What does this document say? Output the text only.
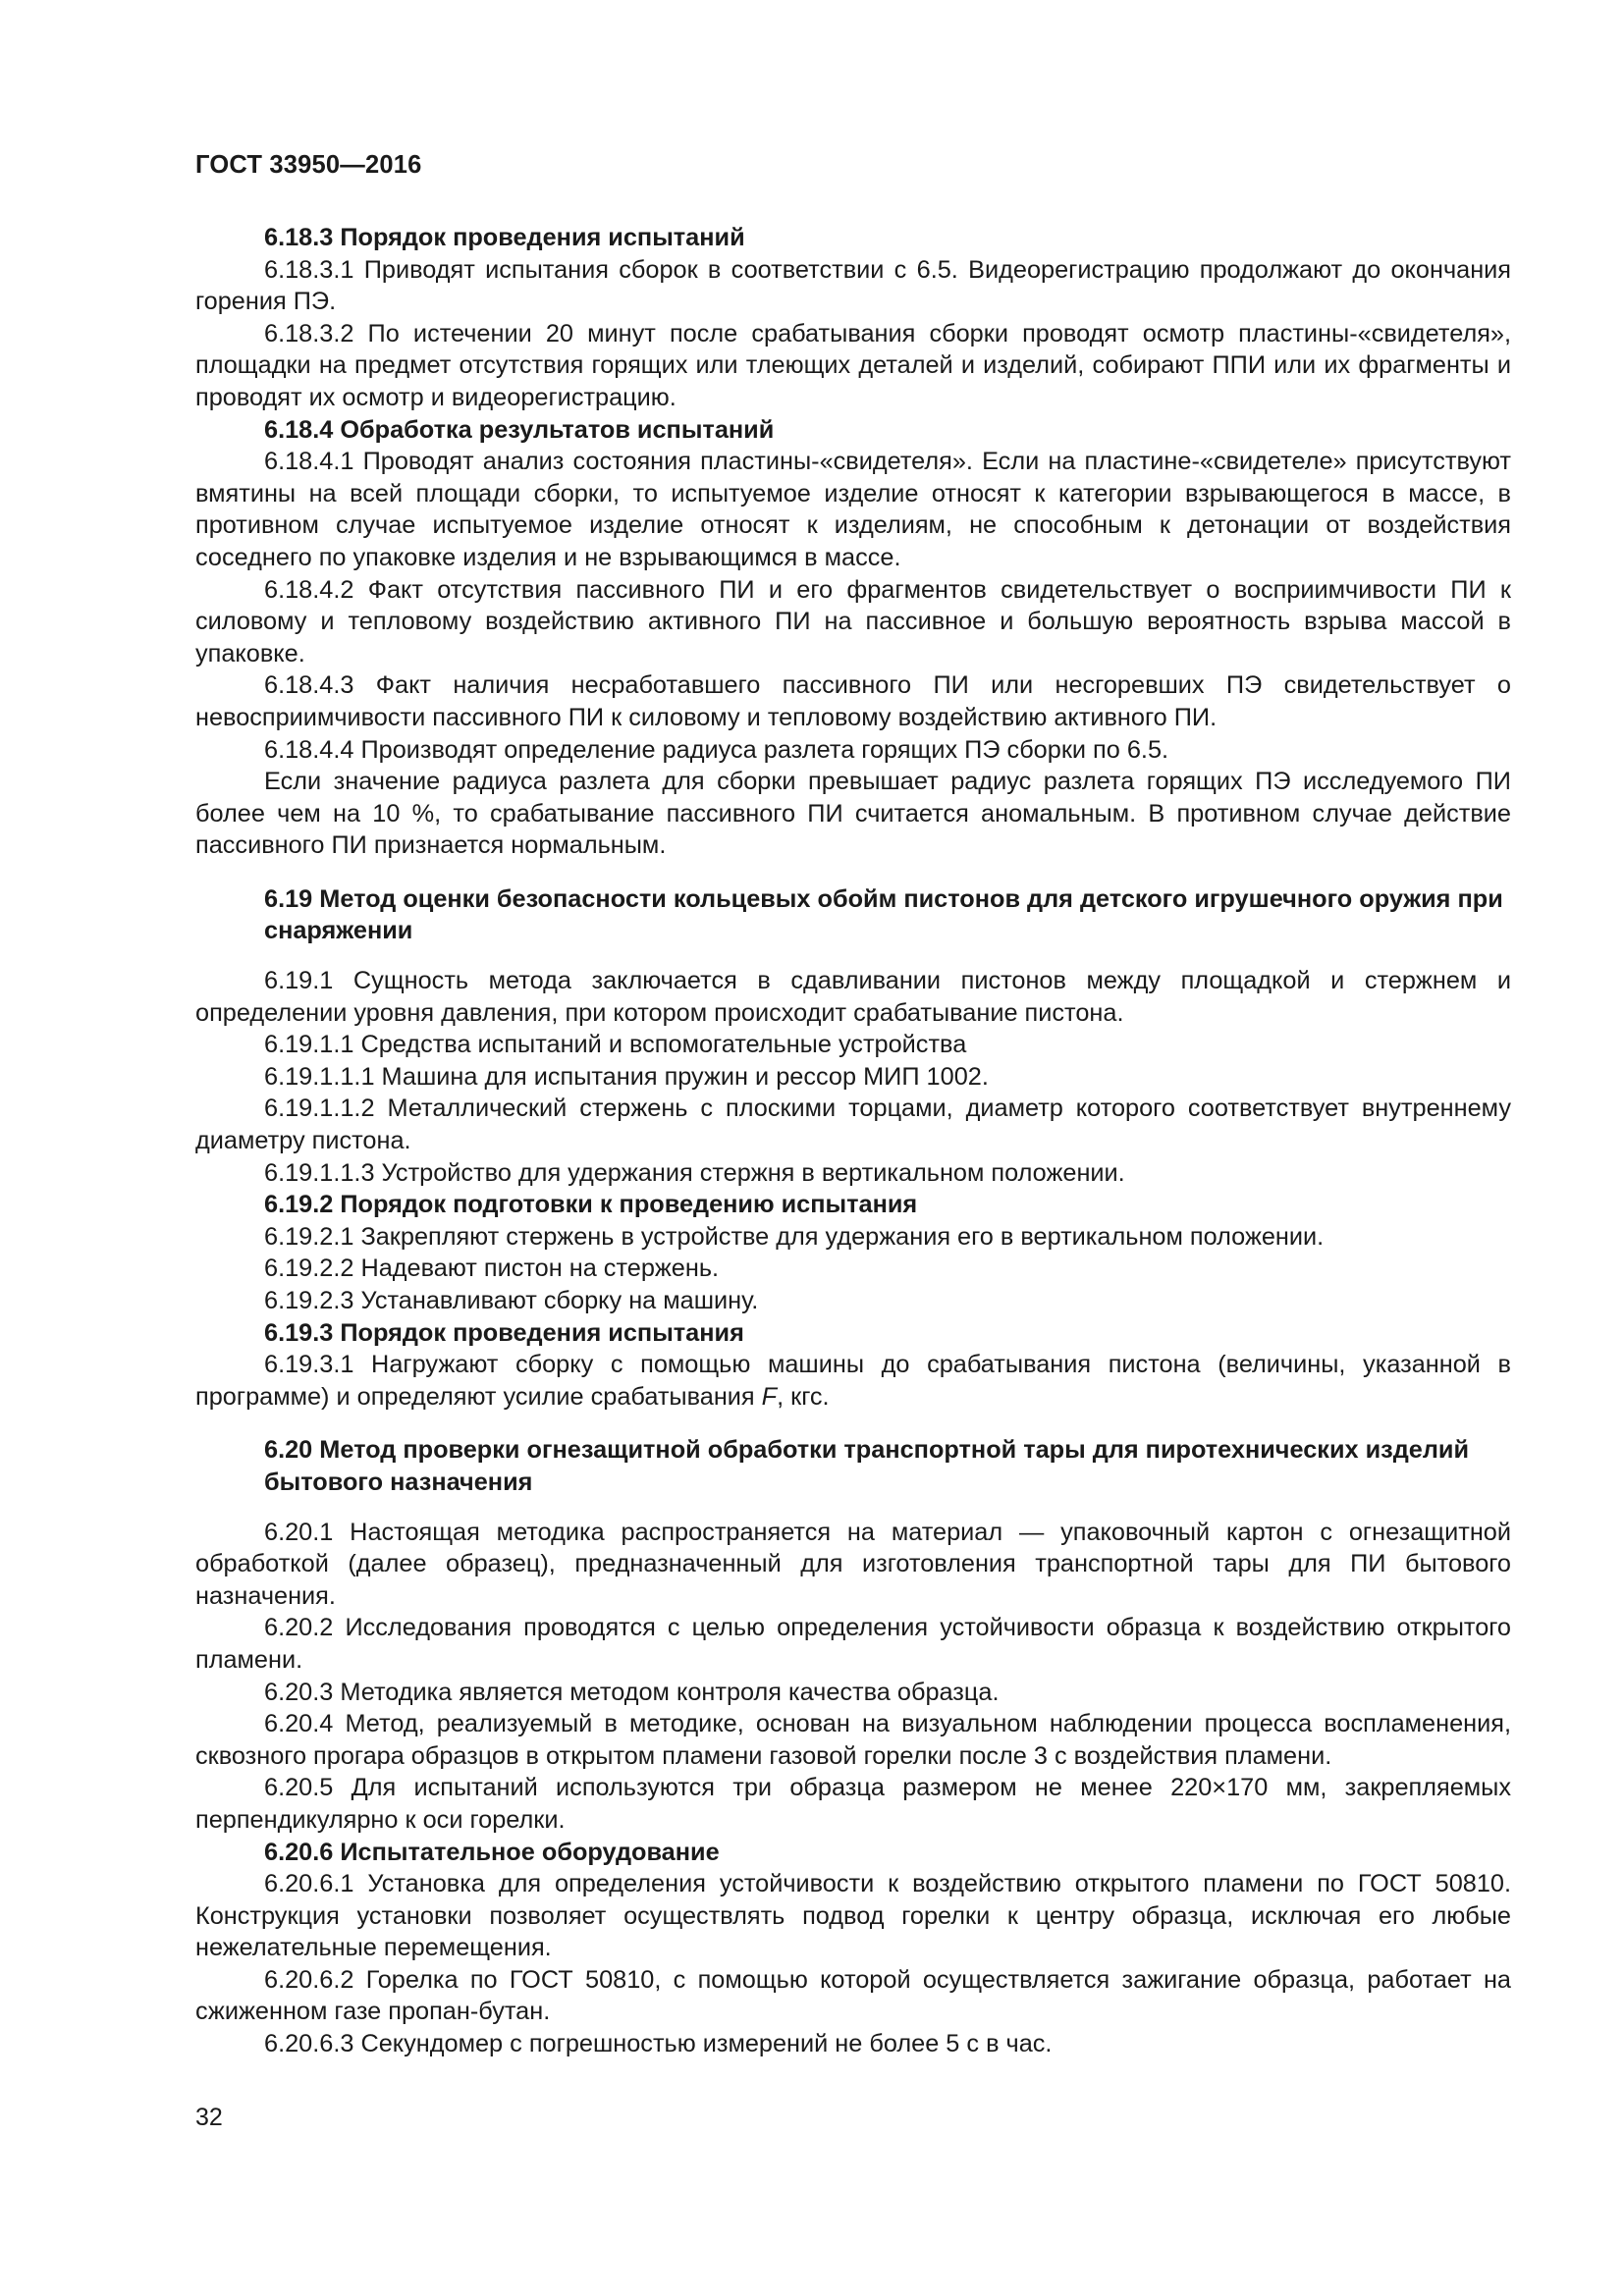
ГОСТ 33950—2016

6.18.3 Порядок проведения испытаний

6.18.3.1 Приводят испытания сборок в соответствии с 6.5. Видеорегистрацию продолжают до окончания горения ПЭ.

6.18.3.2 По истечении 20 минут после срабатывания сборки проводят осмотр пластины-«свидетеля», площадки на предмет отсутствия горящих или тлеющих деталей и изделий, собирают ППИ или их фрагменты и проводят их осмотр и видеорегистрацию.

6.18.4 Обработка результатов испытаний

6.18.4.1 Проводят анализ состояния пластины-«свидетеля». Если на пластине-«свидетеле» присутствуют вмятины на всей площади сборки, то испытуемое изделие относят к категории взрывающегося в массе, в противном случае испытуемое изделие относят к изделиям, не способным к детонации от воздействия соседнего по упаковке изделия и не взрывающимся в массе.

6.18.4.2 Факт отсутствия пассивного ПИ и его фрагментов свидетельствует о восприимчивости ПИ к силовому и тепловому воздействию активного ПИ на пассивное и большую вероятность взрыва массой в упаковке.

6.18.4.3 Факт наличия несработавшего пассивного ПИ или несгоревших ПЭ свидетельствует о невосприимчивости пассивного ПИ к силовому и тепловому воздействию активного ПИ.

6.18.4.4 Производят определение радиуса разлета горящих ПЭ сборки по 6.5.

Если значение радиуса разлета для сборки превышает радиус разлета горящих ПЭ исследуемого ПИ более чем на 10 %, то срабатывание пассивного ПИ считается аномальным. В противном случае действие пассивного ПИ признается нормальным.

6.19 Метод оценки безопасности кольцевых обойм пистонов для детского игрушечного оружия при снаряжении

6.19.1 Сущность метода заключается в сдавливании пистонов между площадкой и стержнем и определении уровня давления, при котором происходит срабатывание пистона.

6.19.1.1 Средства испытаний и вспомогательные устройства

6.19.1.1.1 Машина для испытания пружин и рессор МИП 1002.

6.19.1.1.2 Металлический стержень с плоскими торцами, диаметр которого соответствует внутреннему диаметру пистона.

6.19.1.1.3 Устройство для удержания стержня в вертикальном положении.

6.19.2 Порядок подготовки к проведению испытания

6.19.2.1 Закрепляют стержень в устройстве для удержания его в вертикальном положении.

6.19.2.2 Надевают пистон на стержень.

6.19.2.3 Устанавливают сборку на машину.

6.19.3 Порядок проведения испытания

6.19.3.1 Нагружают сборку с помощью машины до срабатывания пистона (величины, указанной в программе) и определяют усилие срабатывания F, кгс.

6.20 Метод проверки огнезащитной обработки транспортной тары для пиротехнических изделий бытового назначения

6.20.1 Настоящая методика распространяется на материал — упаковочный картон с огнезащитной обработкой (далее образец), предназначенный для изготовления транспортной тары для ПИ бытового назначения.

6.20.2 Исследования проводятся с целью определения устойчивости образца к воздействию открытого пламени.

6.20.3 Методика является методом контроля качества образца.

6.20.4 Метод, реализуемый в методике, основан на визуальном наблюдении процесса воспламенения, сквозного прогара образцов в открытом пламени газовой горелки после 3 с воздействия пламени.

6.20.5 Для испытаний используются три образца размером не менее 220×170 мм, закрепляемых перпендикулярно к оси горелки.

6.20.6 Испытательное оборудование

6.20.6.1 Установка для определения устойчивости к воздействию открытого пламени по ГОСТ 50810. Конструкция установки позволяет осуществлять подвод горелки к центру образца, исключая его любые нежелательные перемещения.

6.20.6.2 Горелка по ГОСТ 50810, с помощью которой осуществляется зажигание образца, работает на сжиженном газе пропан-бутан.

6.20.6.3 Секундомер с погрешностью измерений не более 5 с в час.

32
